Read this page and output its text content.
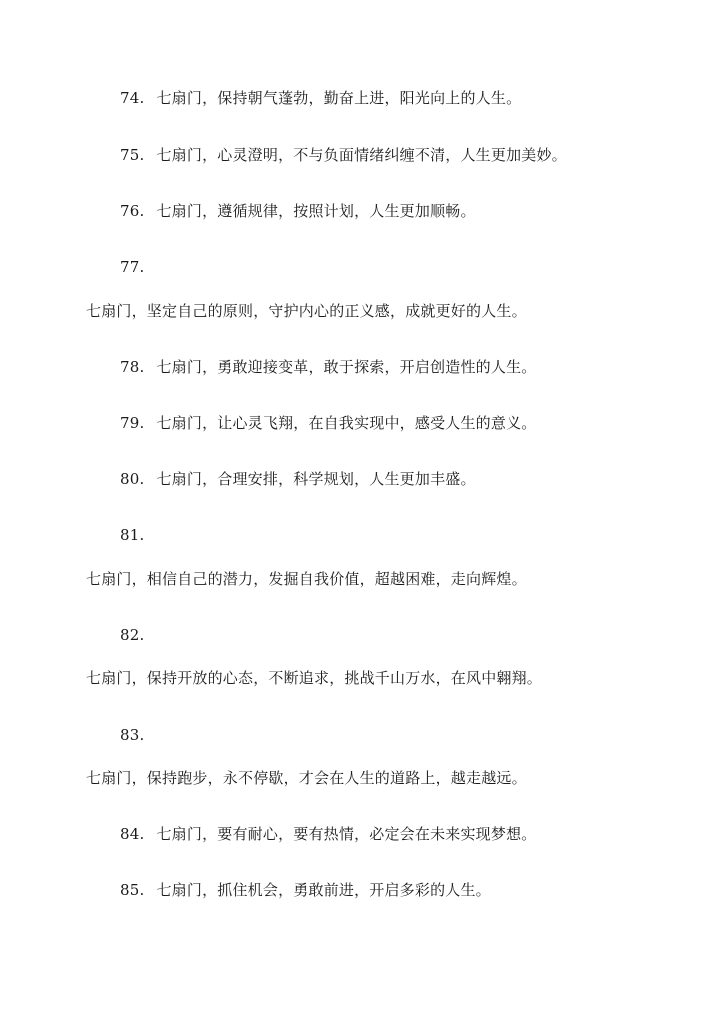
74. 七扇门，保持朝气蓬勃，勤奋上进，阳光向上的人生。
75. 七扇门，心灵澄明，不与负面情绪纠缠不清，人生更加美妙。
76. 七扇门，遵循规律，按照计划，人生更加顺畅。
77.
七扇门，坚定自己的原则，守护内心的正义感，成就更好的人生。
78. 七扇门，勇敢迎接变革，敢于探索，开启创造性的人生。
79. 七扇门，让心灵飞翔，在自我实现中，感受人生的意义。
80. 七扇门，合理安排，科学规划，人生更加丰盛。
81.
七扇门，相信自己的潜力，发掘自我价值，超越困难，走向辉煌。
82.
七扇门，保持开放的心态，不断追求，挑战千山万水，在风中翱翔。
83.
七扇门，保持跑步，永不停歇，才会在人生的道路上，越走越远。
84. 七扇门，要有耐心，要有热情，必定会在未来实现梦想。
85. 七扇门，抓住机会，勇敢前进，开启多彩的人生。
